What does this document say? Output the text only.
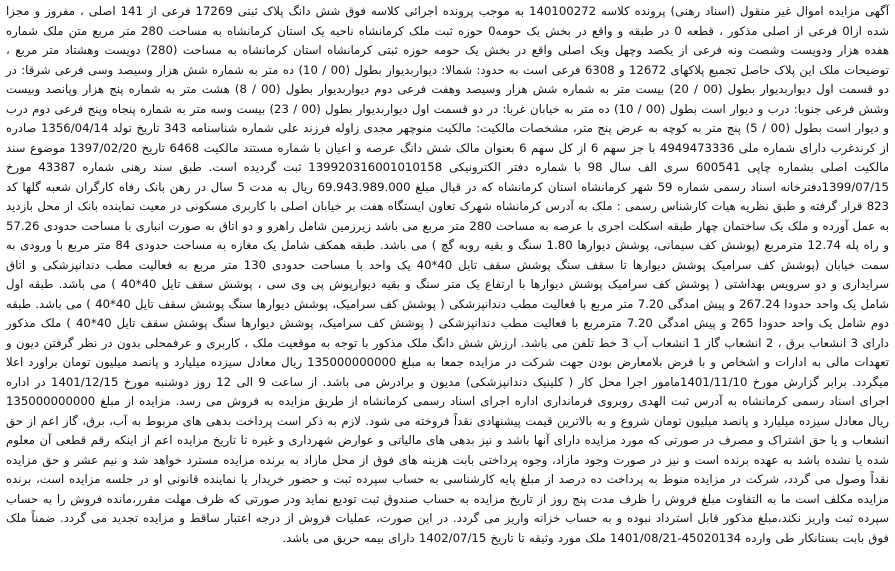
آگهی مزایده اموال غیر منقول (اسناد رهنی) پرونده کلاسه 140100272 به موجب پرونده اجرائی کلاسه فوق شش دانگ پلاک ثبتی 17269 فرعی از 141 اصلی ، مفروز و مجزا شده ازا0 فرعی از اصلی مذکور ، قطعه 0 در طبقه و واقع در بخش یک حومه0 حوزه ثبت ملک کرمانشاه ناحیه یک استان کرمانشاه به مساحت 280 متر مربع متن ملک شماره هفده هزار ودویست وشصت ونه فرعی از یکصد وچهل ویک اصلی واقع در بخش یک حومه حوزه ثبتی کرمانشاه استان کرمانشاه به مساحت (280) دویست وهشتاد متر مربع ، توضیحات ملک این پلاک حاصل تجمیع پلاکهای 12672 و 6308 فرعی است به حدود: شمالا: دیواربدیوار بطول (00 / 10) ده متر به شماره شش هزار وسیصد وسی فرعی شرقا: در دو قسمت اول دیواربدیوار بطول (00 / 20) بیست متر به شماره شش هزار وسیصد وهفت فرعی دوم دیواربدیوار بطول (00 / 8) هشت متر به شماره پنج هزار وپانصد وبیست وشش فرعی جنوبا: درب و دیوار است بطول (00 / 10) ده متر به خیابان غربا: در دو قسمت اول دیواربدیوار بطول (00 / 23) بیست وسه متر به شماره پنجاه وپنج فرعی دوم درب و دیوار است بطول (00 / 5) پنج متر به کوچه به عرض پنج متر، مشخصات مالکیت: مالکیت منوچهر مجدی زاوله فرزند علی شماره شناسنامه 343 تاریخ تولد 1356/04/14 صادره از کرندغرب دارای شماره ملی 4949473336 با جز سهم 6 از کل سهم 6 بعنوان مالک شش دانگ عرصه و اعیان با شماره مستند مالکیت 6468 تاریخ 1397/02/20 موضوع سند مالکیت اصلی بشماره چاپی 600541 سری الف سال 98 با شماره دفتر الکترونیکی 139920316001010158 ثبت گردیده است. طبق سند رهنی شماره 43387 مورخ 1399/07/15دفترخانه اسناد رسمی شماره 59 شهر کرمانشاه استان کرمانشاه که در قبال مبلغ 69.943.989.000 ریال به مدت 5 سال در رهن بانک رفاه کارگران شعبه گلها کد 823 قرار گرفته و طبق نظریه هیات کارشناس رسمی : ملک به آدرس کرمانشاه شهرک تعاون ایستگاه هفت بر خیابان اصلی با کاربری مسکونی در معیت نماینده بانک از محل بازدید به عمل آورده و ملک یک ساختمان چهار طبقه اسکلت اجری با عرصه به مساحت 280 متر مربع می باشد زیرزمین شامل راهرو و دو اتاق به صورت انباری با مساحت حدودی 57.26 و راه پله 12.74 مترمربع (پوشش کف سیمانی، پوشش دیوارها 1.80 سنگ و بقیه روبه گچ ) می باشد. طبقه همکف شامل یک مغازه به مساحت حدودی 84 متر مربع با ورودی به سمت خیابان (پوشش کف سرامیک پوشش دیوارها تا سقف سنگ پوشش سقف تایل 40*40 یک واحد با مساحت حدودی 130 متر مربع به فعالیت مطب دندانپزشکی و اتاق سرایداری و دو سرویس بهداشتی ( پوشش کف سرامیک پوشش دیوارها با ارتفاع یک متر سنگ و بقیه دیوارپوش پی وی سی ، پوشش سقف تایل 40*40 ) می باشد. طبقه اول شامل یک واحد حدودا 267.24 و پیش امدگی 7.20 متر مربع با فعالیت مطب دندانپزشکی ( پوشش کف سرامیک، پوشش دیوارها سنگ پوشش سقف تایل 40*40 ) می باشد. طبقه دوم شامل یک واحد حدودا 265 و پیش امدگی 7.20 مترمربع با فعالیت مطب دندانپزشکی ( پوشش کف سرامیک، پوشش دیوارها سنگ پوشش سقف تایل 40*40 ) ملک مذکور دارای 3 انشعاب برق ، 2 انشعاب گاز 1 انشعاب آب 3 خط تلفن می باشد. ارزش شش دانگ ملک مذکور با توجه به موقعیت ملک ، کاربری و عرفمحلی بدون در نظر گرفتن دیون و تعهدات مالی به ادارات و اشخاص و با فرض بلامعارض بودن جهت شرکت در مزایده جمعا به مبلغ 135000000000 ریال معادل سیزده میلیارد و پانصد میلیون تومان براورد اعلا میگردد. برابر گزارش مورخ 1401/11/10مامور اجرا محل کار ( کلینیک دندانپزشکی) مدیون و برادرش می باشد. از ساعت 9 الی 12 روز دوشنبه مورخ 1401/12/15 در اداره اجرای اسناد رسمی کرمانشاه به آدرس ثبت الهدی روبروی فرمانداری اداره اجرای اسناد رسمی کرمانشاه از طریق مزایده به فروش می رسد. مزایده از مبلغ 135000000000 ریال معادل سیزده میلیارد و پانصد میلیون تومان شروع و به بالاترین قیمت پیشنهادی نقداً فروخته می شود. لازم به ذکر است پرداخت بدهی های مربوط به آب، برق، گاز اعم از حق انشعاب و یا حق اشتراک و مصرف در صورتی که مورد مزایده دارای آنها باشد و نیز بدهی های مالیاتی و عوارض شهرداری و غیره تا تاریخ مزایده اعم از اینکه رقم قطعی آن معلوم شده یا نشده باشد به عهده برنده است و نیز در صورت وجود مازاد، وجوه پرداختی بابت هزینه های فوق از محل مازاد به برنده مزایده مسترد خواهد شد و نیم عشر و حق مزایده نقداً وصول می گردد، شرکت در مزایده منوط به پرداخت ده درصد از مبلغ پایه کارشناسی به حساب سپرده ثبت و حضور خریدار یا نماینده قانونی او در جلسه مزایده است، برنده مزایده مکلف است ما به التفاوت مبلغ فروش را ظرف مدت پنج روز از تاریخ مزایده به حساب صندوق ثبت تودیع نماید ودر صورتی که ظرف مهلت مقرر،مانده فروش را به حساب سپرده ثبت واریز نکند،مبلغ مذکور قابل استرداد نبوده و به حساب خزانه واریز می گردد. در این صورت، عملیات فروش از درجه اعتبار ساقط و مزایده تجدید می گردد. ضمناً ملک فوق بابت بستانکار طی وارده 45020134-1401/08/21 ملک مورد وثیقه تا تاریخ 1402/07/15 دارای بیمه حریق می باشد.
